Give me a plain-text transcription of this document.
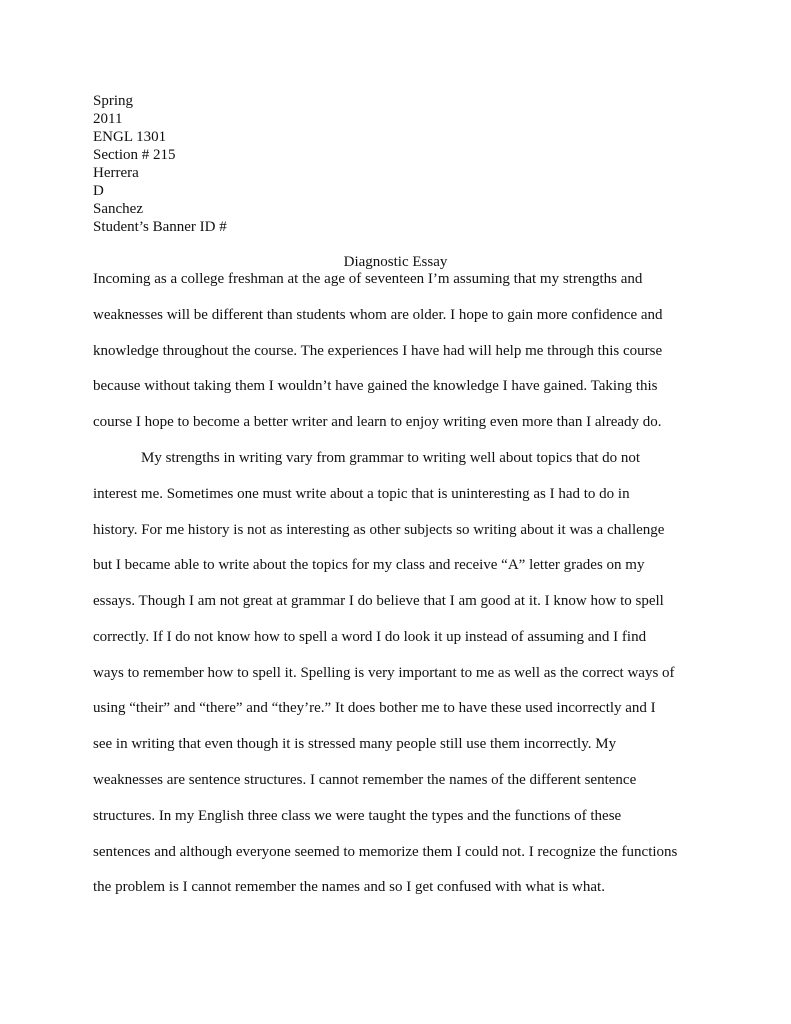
Spring
2011
ENGL 1301
Section # 215
Herrera
D
Sanchez
Student’s Banner ID #
Diagnostic Essay
Incoming as a college freshman at the age of seventeen I’m assuming that my strengths and
weaknesses will be different than students whom are older. I hope to gain more confidence and
knowledge throughout the course. The experiences I have had will help me through this course
because without taking them I wouldn’t have gained the knowledge I have gained. Taking this
course I hope to become a better writer and learn to enjoy writing even more than I already do.
My strengths in writing vary from grammar to writing well about topics that do not
interest me. Sometimes one must write about a topic that is uninteresting as I had to do in
history. For me history is not as interesting as other subjects so writing about it was a challenge
but I became able to write about the topics for my class and receive “A” letter grades on my
essays. Though I am not great at grammar I do believe that I am good at it. I know how to spell
correctly. If I do not know how to spell a word I do look it up instead of assuming and I find
ways to remember how to spell it. Spelling is very important to me as well as the correct ways of
using “their” and “there” and “they’re.” It does bother me to have these used incorrectly and I
see in writing that even though it is stressed many people still use them incorrectly. My
weaknesses are sentence structures. I cannot remember the names of the different sentence
structures. In my English three class we were taught the types and the functions of these
sentences and although everyone seemed to memorize them I could not. I recognize the functions
the problem is I cannot remember the names and so I get confused with what is what.
